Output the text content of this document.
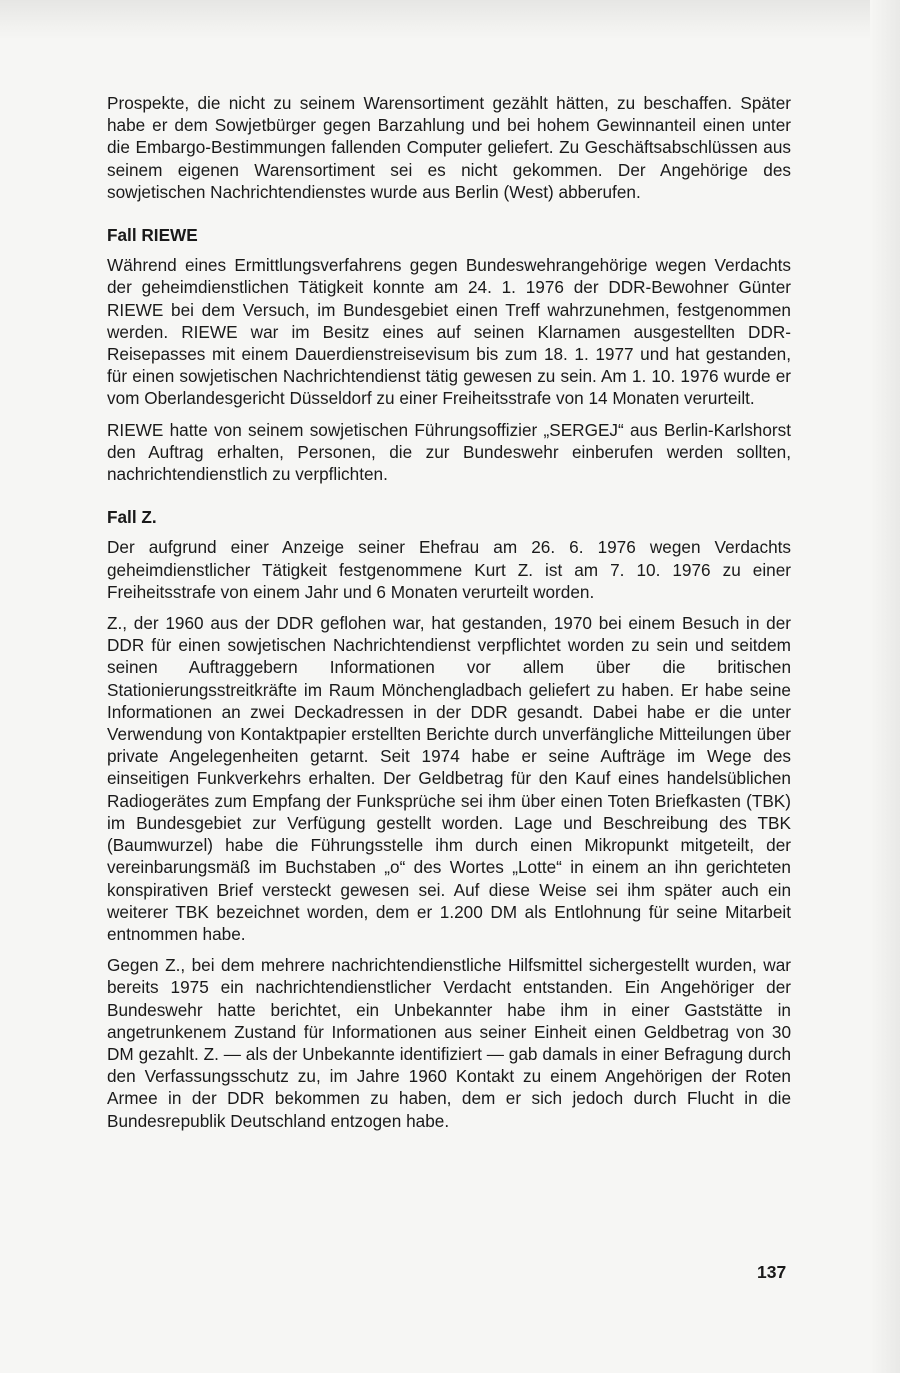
Prospekte, die nicht zu seinem Warensortiment gezählt hätten, zu beschaffen. Später habe er dem Sowjetbürger gegen Barzahlung und bei hohem Gewinnanteil einen unter die Embargo-Bestimmungen fallenden Computer geliefert. Zu Geschäftsabschlüssen aus seinem eigenen Warensortiment sei es nicht gekommen. Der Angehörige des sowjetischen Nachrichtendienstes wurde aus Berlin (West) abberufen.

Fall RIEWE

Während eines Ermittlungsverfahrens gegen Bundeswehrangehörige wegen Verdachts der geheimdienstlichen Tätigkeit konnte am 24. 1. 1976 der DDR-Bewohner Günter RIEWE bei dem Versuch, im Bundesgebiet einen Treff wahrzunehmen, festgenommen werden. RIEWE war im Besitz eines auf seinen Klarnamen ausgestellten DDR-Reisepasses mit einem Dauerdienstreisevisum bis zum 18. 1. 1977 und hat gestanden, für einen sowjetischen Nachrichtendienst tätig gewesen zu sein. Am 1. 10. 1976 wurde er vom Oberlandesgericht Düsseldorf zu einer Freiheitsstrafe von 14 Monaten verurteilt.

RIEWE hatte von seinem sowjetischen Führungsoffizier „SERGEJ“ aus Berlin-Karlshorst den Auftrag erhalten, Personen, die zur Bundeswehr einberufen werden sollten, nachrichtendienstlich zu verpflichten.

Fall Z.

Der aufgrund einer Anzeige seiner Ehefrau am 26. 6. 1976 wegen Verdachts geheimdienstlicher Tätigkeit festgenommene Kurt Z. ist am 7. 10. 1976 zu einer Freiheitsstrafe von einem Jahr und 6 Monaten verurteilt worden.

Z., der 1960 aus der DDR geflohen war, hat gestanden, 1970 bei einem Besuch in der DDR für einen sowjetischen Nachrichtendienst verpflichtet worden zu sein und seitdem seinen Auftraggebern Informationen vor allem über die britischen Stationierungsstreitkräfte im Raum Mönchengladbach geliefert zu haben. Er habe seine Informationen an zwei Deckadressen in der DDR gesandt. Dabei habe er die unter Verwendung von Kontaktpapier erstellten Berichte durch unverfängliche Mitteilungen über private Angelegenheiten getarnt. Seit 1974 habe er seine Aufträge im Wege des einseitigen Funkverkehrs erhalten. Der Geldbetrag für den Kauf eines handelsüblichen Radiogerätes zum Empfang der Funksprüche sei ihm über einen Toten Briefkasten (TBK) im Bundesgebiet zur Verfügung gestellt worden. Lage und Beschreibung des TBK (Baumwurzel) habe die Führungsstelle ihm durch einen Mikropunkt mitgeteilt, der vereinbarungsmäß im Buchstaben „o“ des Wortes „Lotte“ in einem an ihn gerichteten konspirativen Brief versteckt gewesen sei. Auf diese Weise sei ihm später auch ein weiterer TBK bezeichnet worden, dem er 1.200 DM als Entlohnung für seine Mitarbeit entnommen habe.

Gegen Z., bei dem mehrere nachrichtendienstliche Hilfsmittel sichergestellt wurden, war bereits 1975 ein nachrichtendienstlicher Verdacht entstanden. Ein Angehöriger der Bundeswehr hatte berichtet, ein Unbekannter habe ihm in einer Gaststätte in angetrunkenem Zustand für Informationen aus seiner Einheit einen Geldbetrag von 30 DM gezahlt. Z. — als der Unbekannte identifiziert — gab damals in einer Befragung durch den Verfassungsschutz zu, im Jahre 1960 Kontakt zu einem Angehörigen der Roten Armee in der DDR bekommen zu haben, dem er sich jedoch durch Flucht in die Bundesrepublik Deutschland entzogen habe.

137
